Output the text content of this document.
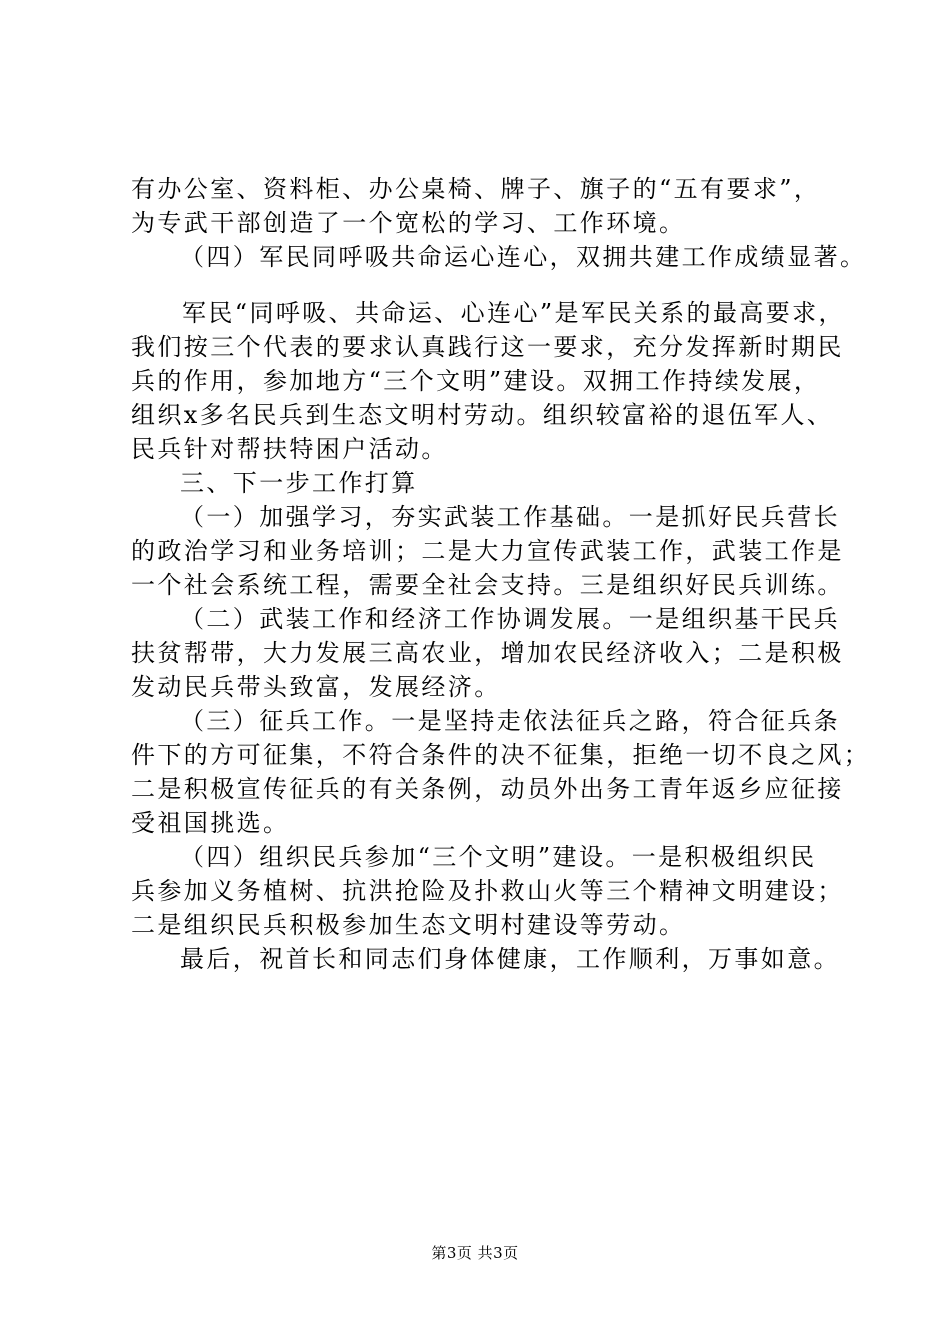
有办公室、资料柜、办公桌椅、牌子、旗子的“五有要求”，
为专武干部创造了一个宽松的学习、工作环境。
（四）军民同呼吸共命运心连心，双拥共建工作成绩显著。
军民“同呼吸、共命运、心连心”是军民关系的最高要求，
我们按三个代表的要求认真践行这一要求，充分发挥新时期民
兵的作用，参加地方“三个文明”建设。双拥工作持续发展，
组织x多名民兵到生态文明村劳动。组织较富裕的退伍军人、
民兵针对帮扶特困户活动。
三、下一步工作打算
（一）加强学习，夯实武装工作基础。一是抓好民兵营长
的政治学习和业务培训；二是大力宣传武装工作，武装工作是
一个社会系统工程，需要全社会支持。三是组织好民兵训练。
（二）武装工作和经济工作协调发展。一是组织基干民兵
扶贫帮带，大力发展三高农业，增加农民经济收入；二是积极
发动民兵带头致富，发展经济。
（三）征兵工作。一是坚持走依法征兵之路，符合征兵条
件下的方可征集，不符合条件的决不征集，拒绝一切不良之风；
二是积极宣传征兵的有关条例，动员外出务工青年返乡应征接
受祖国挑选。
（四）组织民兵参加“三个文明”建设。一是积极组织民
兵参加义务植树、抗洪抢险及扑救山火等三个精神文明建设；
二是组织民兵积极参加生态文明村建设等劳动。
最后，祝首长和同志们身体健康，工作顺利，万事如意。
第3页 共3页
